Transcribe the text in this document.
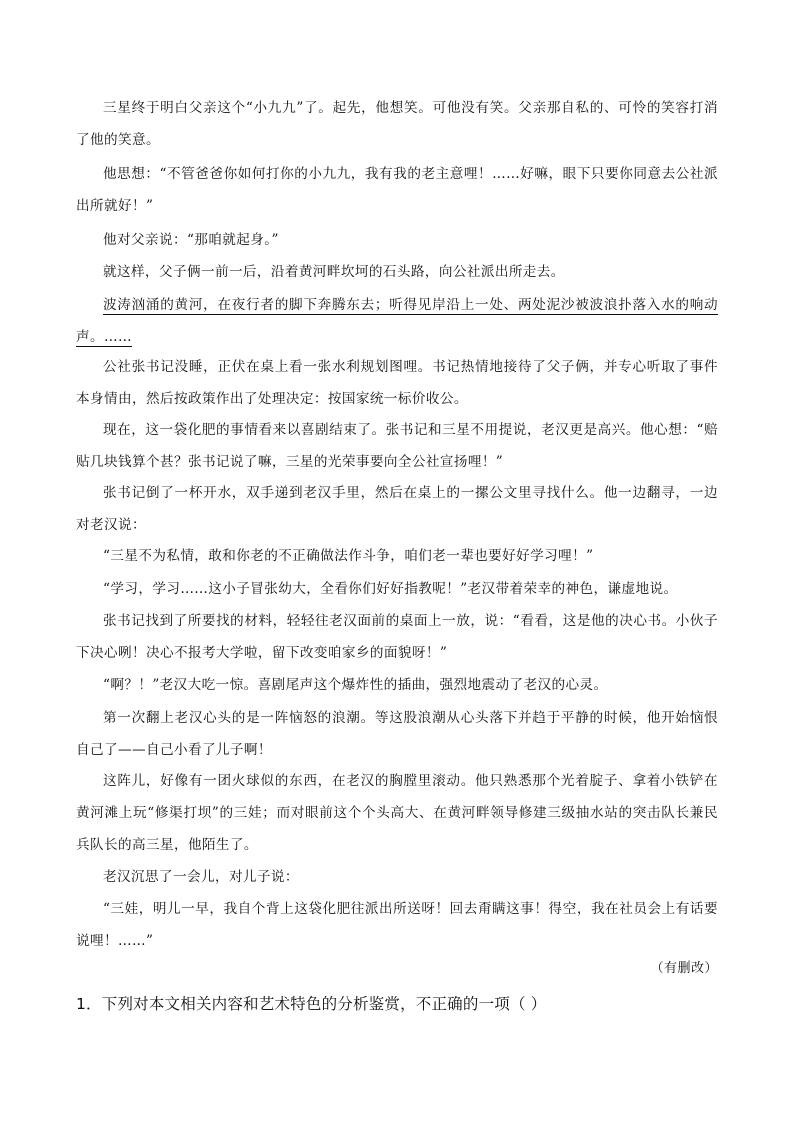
三星终于明白父亲这个“小九九”了。起先，他想笑。可他没有笑。父亲那自私的、可怜的笑容打消了他的笑意。

他思想：“不管爸爸你如何打你的小九九，我有我的老主意哩！……好嘛，眼下只要你同意去公社派出所就好！”

他对父亲说：“那咱就起身。”

就这样，父子俩一前一后，沿着黄河畔坎坷的石头路，向公社派出所走去。

波涛汹涌的黄河，在夜行者的脚下奔腾东去；听得见岸沿上一处、两处泥沙被波浪扑落入水的响动声。……

公社张书记没睡，正伏在桌上看一张水利规划图哩。书记热情地接待了父子俩，并专心听取了事件本身情由，然后按政策作出了处理决定：按国家统一标价收公。

现在，这一袋化肥的事情看来以喜剧结束了。张书记和三星不用提说，老汉更是高兴。他心想：“赔贴几块钱算个甚？张书记说了嘛，三星的光荣事要向全公社宣扬哩！”

张书记倒了一杯开水，双手递到老汉手里，然后在桌上的一摞公文里寻找什么。他一边翻寻，一边对老汉说：

“三星不为私情，敢和你老的不正确做法作斗争，咱们老一辈也要好好学习哩！”

“学习，学习……这小子冒张幼大，全看你们好好指教呢！”老汉带着荣幸的神色，谦虚地说。

张书记找到了所要找的材料，轻轻往老汉面前的桌面上一放，说：“看看，这是他的决心书。小伙子下决心咧！决心不报考大学啦，留下改变咱家乡的面貌呀！”

“啊？！”老汉大吃一惊。喜剧尾声这个爆炸性的插曲，强烈地震动了老汉的心灵。

第一次翻上老汉心头的是一阵恼怒的浪潮。等这股浪潮从心头落下并趋于平静的时候，他开始恼恨自己了——自己小看了儿子啊！

这阵儿，好像有一团火球似的东西，在老汉的胸膛里滚动。他只熟悉那个光着腚子、拿着小铁铲在黄河滩上玩“修渠打坝”的三娃；而对眼前这个个头高大、在黄河畔领导修建三级抽水站的突击队长兼民兵队长的高三星，他陌生了。

老汉沉思了一会儿，对儿子说：

“三娃，明儿一早，我自个背上这袋化肥往派出所送呀！回去甭瞒这事！得空，我在社员会上有话要说哩！……”

（有删改）

1．下列对本文相关内容和艺术特色的分析鉴赏，不正确的一项（ ）
